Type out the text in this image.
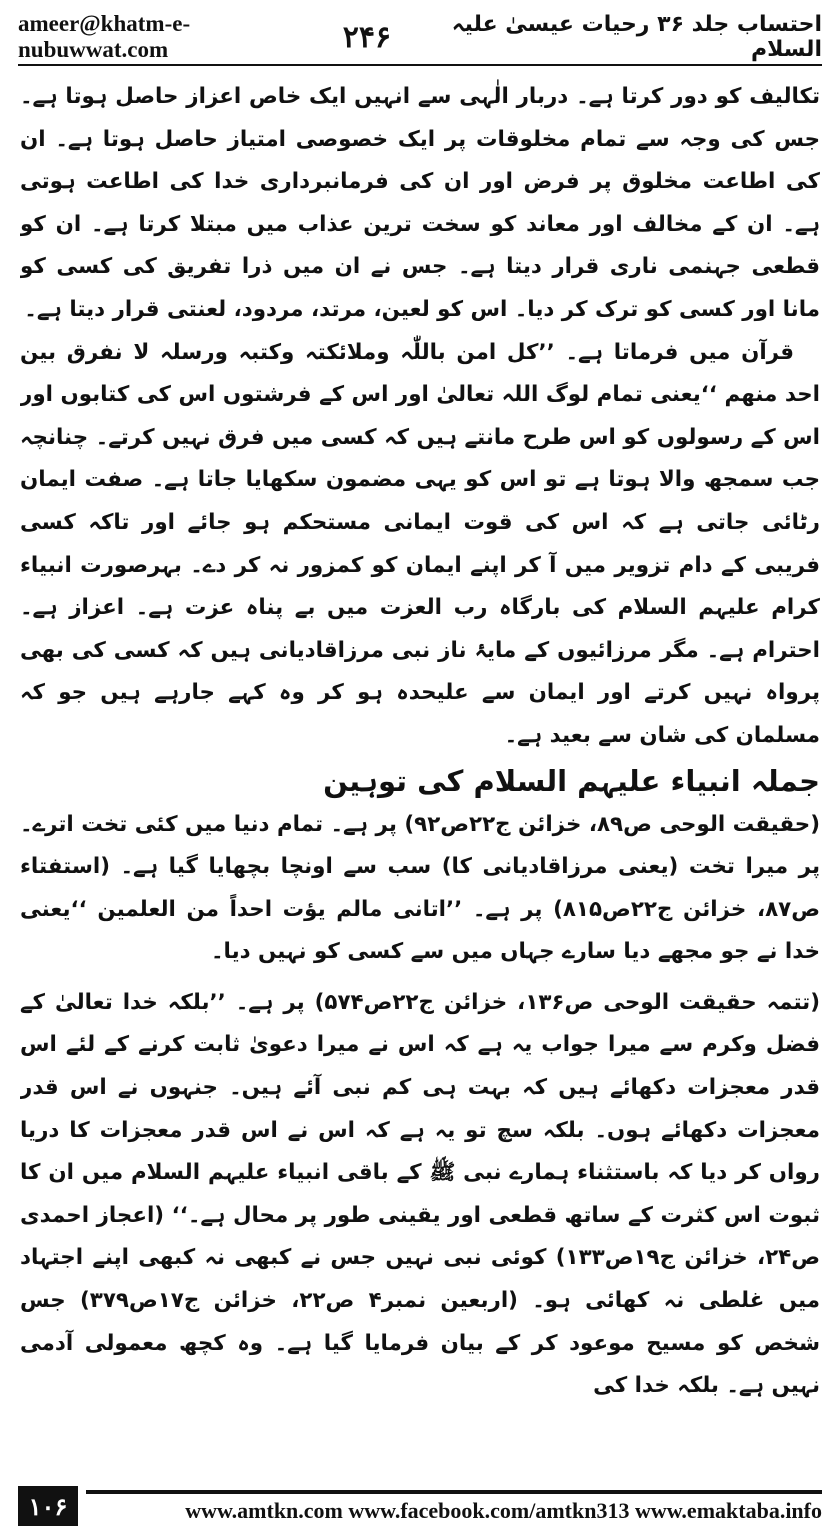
ameer@khatm-e-nubuwwat.com	۲۴۶	احتساب جلد ۳۶ رحیات عیسیٰ علیہ السلام

تکالیف کو دور کرتا ہے۔ دربار الٰہی سے انہیں ایک خاص اعزاز حاصل ہوتا ہے۔ جس کی وجہ سے تمام مخلوقات پر ایک خصوصی امتیاز حاصل ہوتا ہے۔ ان کی اطاعت مخلوق پر فرض اور ان کی فرمانبرداری خدا کی اطاعت ہوتی ہے۔ ان کے مخالف اور معاند کو سخت ترین عذاب میں مبتلا کرتا ہے۔ ان کو قطعی جہنمی ناری قرار دیتا ہے۔ جس نے ان میں ذرا تفریق کی کسی کو مانا اور کسی کو ترک کر دیا۔ اس کو لعین، مرتد، مردود، لعنتی قرار دیتا ہے۔

قرآن میں فرماتا ہے۔ ’’کل امن باللّٰہ وملائکتہ وکتبہ ورسلہ لا نفرق بین احد منھم ‘‘یعنی تمام لوگ اللہ تعالیٰ اور اس کے فرشتوں اس کی کتابوں اور اس کے رسولوں کو اس طرح مانتے ہیں کہ کسی میں فرق نہیں کرتے۔ چنانچہ جب سمجھ والا ہوتا ہے تو اس کو یہی مضمون سکھایا جاتا ہے۔ صفت ایمان رٹائی جاتی ہے کہ اس کی قوت ایمانی مستحکم ہو جائے اور تاکہ کسی فریبی کے دام تزویر میں آ کر اپنے ایمان کو کمزور نہ کر دے۔ بہرصورت انبیاء کرام علیہم السلام کی بارگاہ رب العزت میں بے پناہ عزت ہے۔ اعزاز ہے۔ احترام ہے۔ مگر مرزائیوں کے مایۂ ناز نبی مرزاقادیانی ہیں کہ کسی کی بھی پرواہ نہیں کرتے اور ایمان سے علیحدہ ہو کر وہ کہے جارہے ہیں جو کہ مسلمان کی شان سے بعید ہے۔

جملہ انبیاء علیہم السلام کی توہین

(حقیقت الوحی ص۸۹، خزائن ج۲۲ص۹۲) پر ہے۔ تمام دنیا میں کئی تخت اترے۔ پر میرا تخت (یعنی مرزاقادیانی کا) سب سے اونچا بچھایا گیا ہے۔ (استفتاء ص۸۷، خزائن ج۲۲ص۸۱۵) پر ہے۔ ’’اتانی مالم یؤت احداً من العلمین ‘‘یعنی خدا نے جو مجھے دیا سارے جہاں میں سے کسی کو نہیں دیا۔

(تتمہ حقیقت الوحی ص۱۳۶، خزائن ج۲۲ص۵۷۴) پر ہے۔ ’’بلکہ خدا تعالیٰ کے فضل وکرم سے میرا جواب یہ ہے کہ اس نے میرا دعویٰ ثابت کرنے کے لئے اس قدر معجزات دکھائے ہیں کہ بہت ہی کم نبی آئے ہیں۔ جنہوں نے اس قدر معجزات دکھائے ہوں۔ بلکہ سچ تو یہ ہے کہ اس نے اس قدر معجزات کا دریا رواں کر دیا کہ باستثناء ہمارے نبی ﷺ کے باقی انبیاء علیہم السلام میں ان کا ثبوت اس کثرت کے ساتھ قطعی اور یقینی طور پر محال ہے۔‘‘ (اعجاز احمدی ص۲۴، خزائن ج۱۹ص۱۳۳) کوئی نبی نہیں جس نے کبھی نہ کبھی اپنے اجتہاد میں غلطی نہ کھائی ہو۔ (اربعین نمبر۴ ص۲۲، خزائن ج۱۷ص۳۷۹) جس شخص کو مسیح موعود کر کے بیان فرمایا گیا ہے۔ وہ کچھ معمولی آدمی نہیں ہے۔ بلکہ خدا کی

۱۰۶	www.amtkn.com www.facebook.com/amtkn313 www.emaktaba.info
